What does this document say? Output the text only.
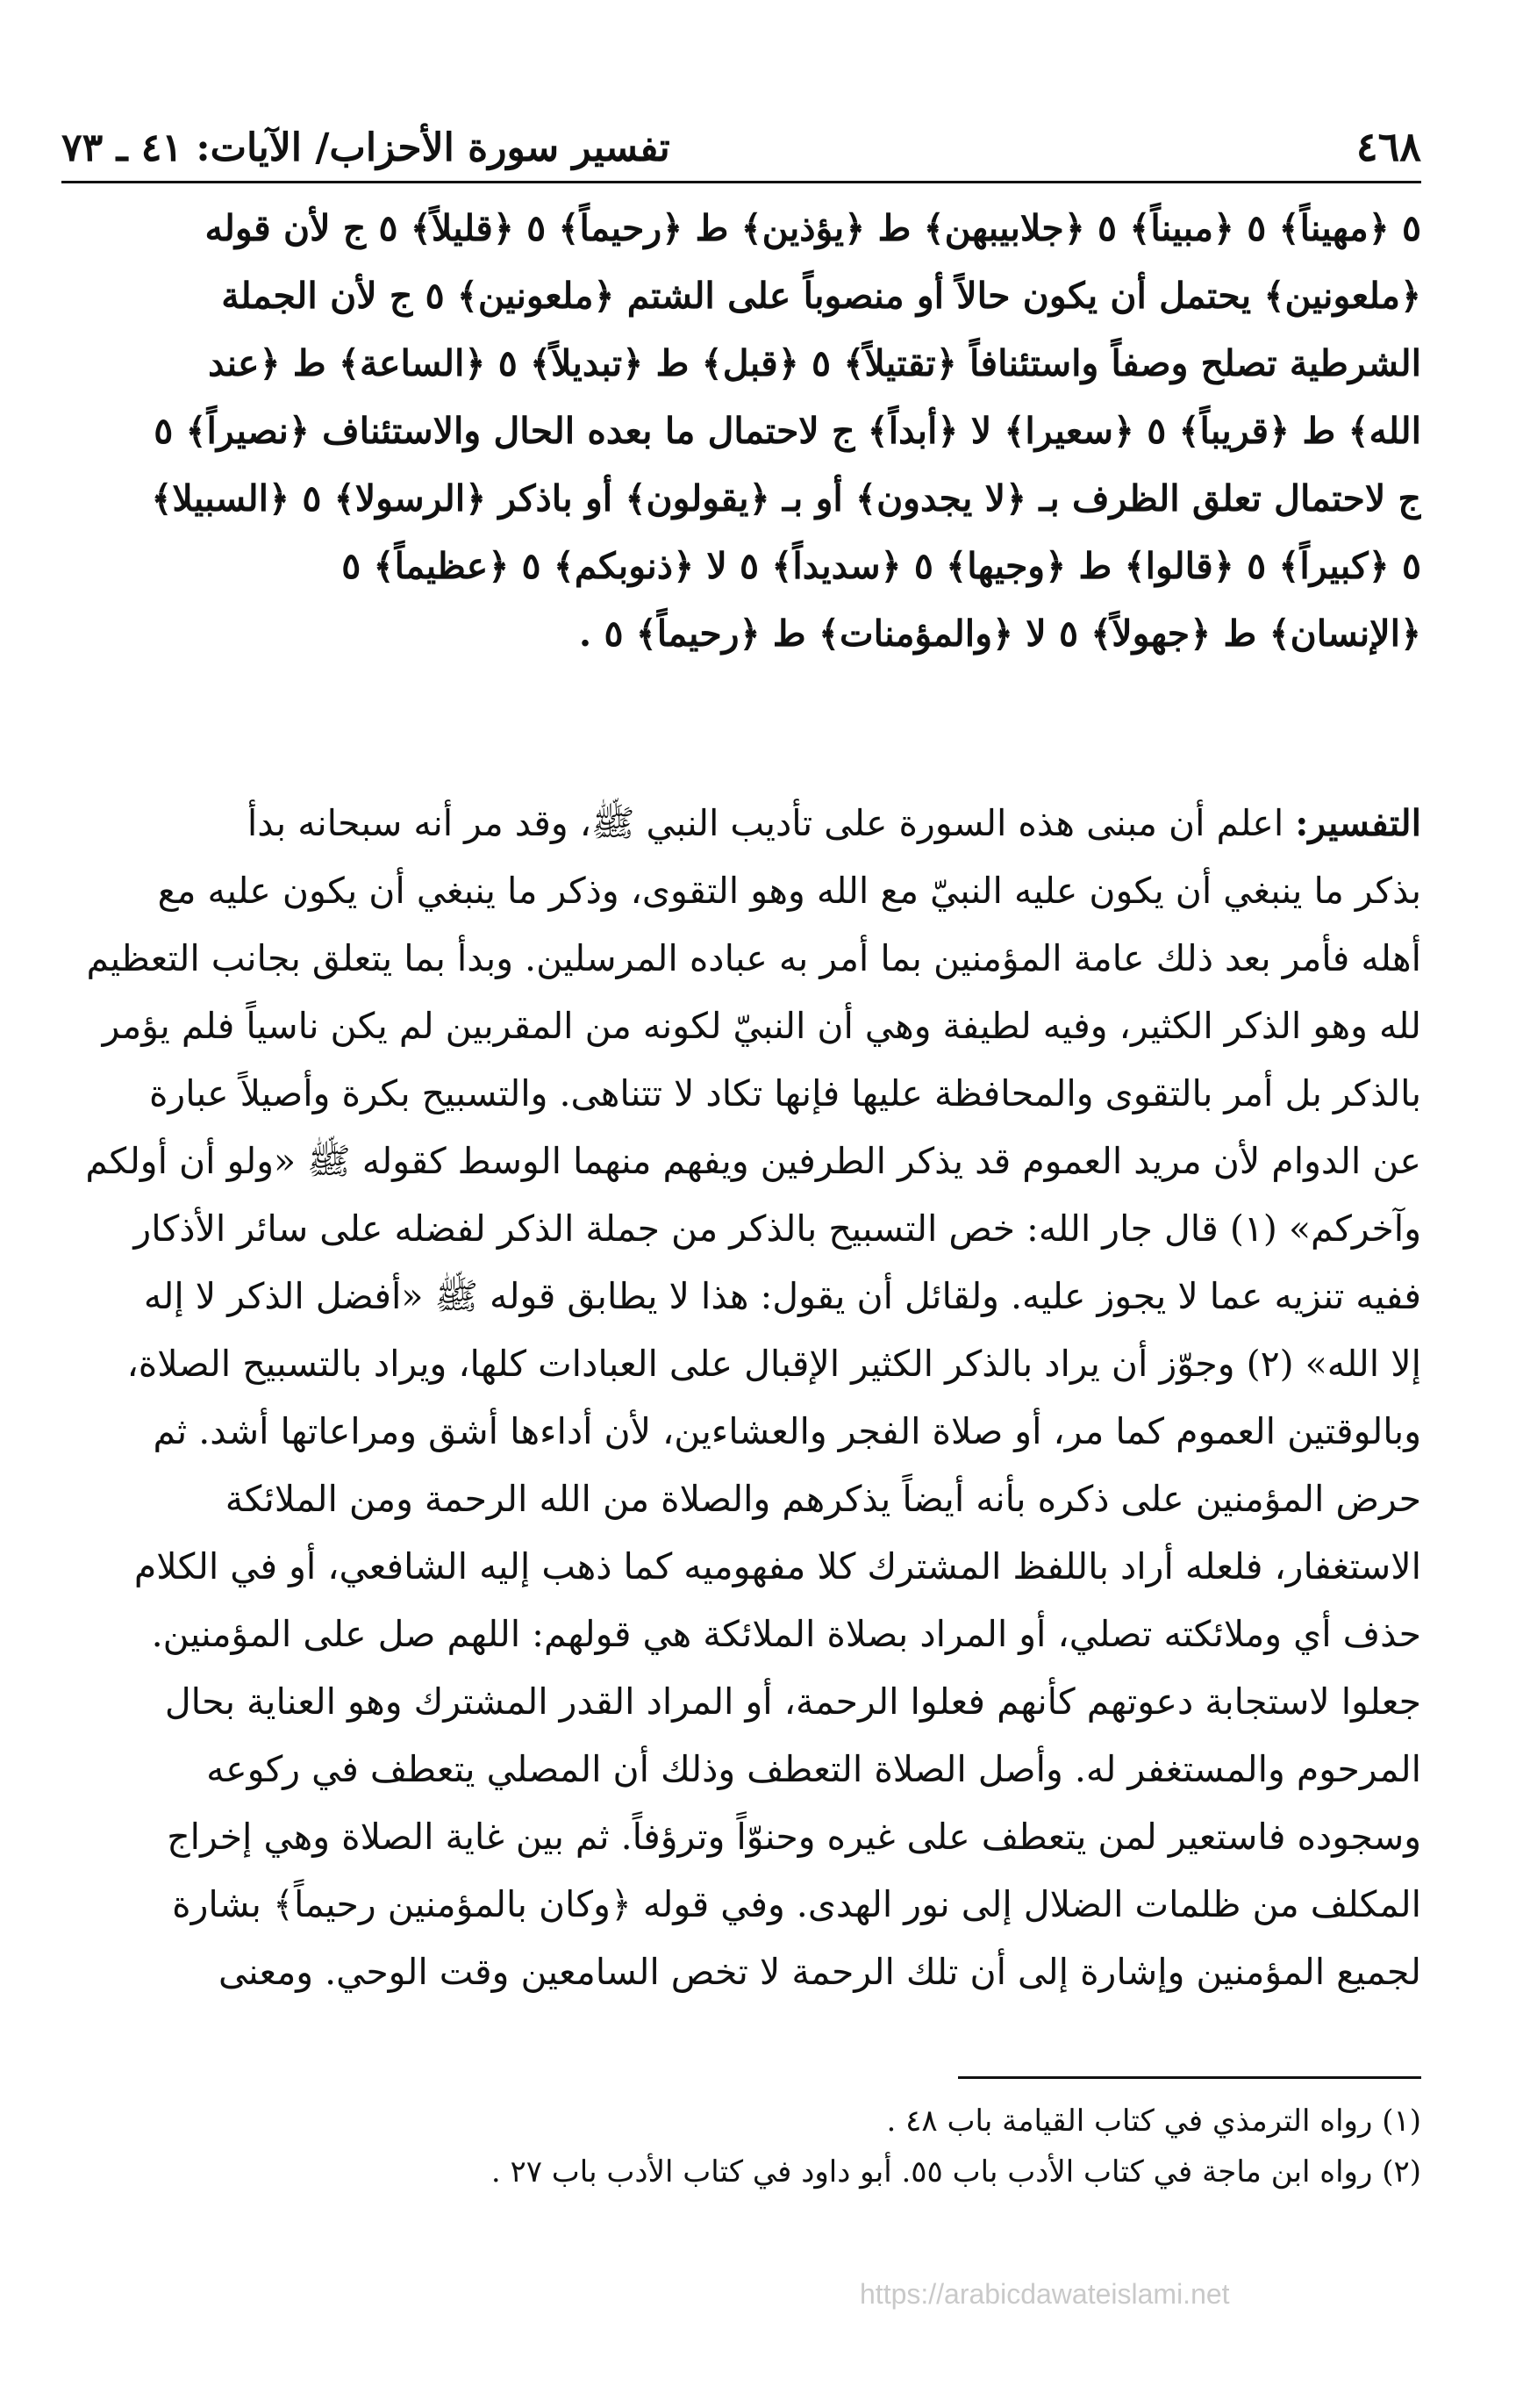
٤٦٨
تفسير سورة الأحزاب/ الآيات: ٤١ ـ ٧٣
٥ ﴿مهيناً﴾ ٥ ﴿مبيناً﴾ ٥ ﴿جلابيبهن﴾ ط ﴿يؤذين﴾ ط ﴿رحيماً﴾ ٥ ﴿قليلاً﴾ ٥ ج لأن قوله
﴿ملعونين﴾ يحتمل أن يكون حالاً أو منصوباً على الشتم ﴿ملعونين﴾ ٥ ج لأن الجملة
الشرطية تصلح وصفاً واستئنافاً ﴿تقتيلاً﴾ ٥ ﴿قبل﴾ ط ﴿تبديلاً﴾ ٥ ﴿الساعة﴾ ط ﴿عند
الله﴾ ط ﴿قريباً﴾ ٥ ﴿سعيرا﴾ لا ﴿أبداً﴾ ج لاحتمال ما بعده الحال والاستئناف ﴿نصيراً﴾ ٥
ج لاحتمال تعلق الظرف بـ ﴿لا يجدون﴾ أو بـ ﴿يقولون﴾ أو باذكر ﴿الرسولا﴾ ٥ ﴿السبيلا﴾
٥ ﴿كبيراً﴾ ٥ ﴿قالوا﴾ ط ﴿وجيها﴾ ٥ ﴿سديداً﴾ ٥ لا ﴿ذنوبكم﴾ ٥ ﴿عظيماً﴾ ٥
﴿الإنسان﴾ ط ﴿جهولاً﴾ ٥ لا ﴿والمؤمنات﴾ ط ﴿رحيماً﴾ ٥ .
التفسير: اعلم أن مبنى هذه السورة على تأديب النبي ﷺ، وقد مر أنه سبحانه بدأ
بذكر ما ينبغي أن يكون عليه النبيّ مع الله وهو التقوى، وذكر ما ينبغي أن يكون عليه مع
أهله فأمر بعد ذلك عامة المؤمنين بما أمر به عباده المرسلين. وبدأ بما يتعلق بجانب التعظيم
لله وهو الذكر الكثير، وفيه لطيفة وهي أن النبيّ لكونه من المقربين لم يكن ناسياً فلم يؤمر
بالذكر بل أمر بالتقوى والمحافظة عليها فإنها تكاد لا تتناهى. والتسبيح بكرة وأصيلاً عبارة
عن الدوام لأن مريد العموم قد يذكر الطرفين ويفهم منهما الوسط كقوله ﷺ «ولو أن أولكم
وآخركم» (١) قال جار الله: خص التسبيح بالذكر من جملة الذكر لفضله على سائر الأذكار
ففيه تنزيه عما لا يجوز عليه. ولقائل أن يقول: هذا لا يطابق قوله ﷺ «أفضل الذكر لا إله
إلا الله» (٢) وجوّز أن يراد بالذكر الكثير الإقبال على العبادات كلها، ويراد بالتسبيح الصلاة،
وبالوقتين العموم كما مر، أو صلاة الفجر والعشاءين، لأن أداءها أشق ومراعاتها أشد. ثم
حرض المؤمنين على ذكره بأنه أيضاً يذكرهم والصلاة من الله الرحمة ومن الملائكة
الاستغفار، فلعله أراد باللفظ المشترك كلا مفهوميه كما ذهب إليه الشافعي، أو في الكلام
حذف أي وملائكته تصلي، أو المراد بصلاة الملائكة هي قولهم: اللهم صل على المؤمنين.
جعلوا لاستجابة دعوتهم كأنهم فعلوا الرحمة، أو المراد القدر المشترك وهو العناية بحال
المرحوم والمستغفر له. وأصل الصلاة التعطف وذلك أن المصلي يتعطف في ركوعه
وسجوده فاستعير لمن يتعطف على غيره وحنوّاً وترؤفاً. ثم بين غاية الصلاة وهي إخراج
المكلف من ظلمات الضلال إلى نور الهدى. وفي قوله ﴿وكان بالمؤمنين رحيماً﴾ بشارة
لجميع المؤمنين وإشارة إلى أن تلك الرحمة لا تخص السامعين وقت الوحي. ومعنى
(١) رواه الترمذي في كتاب القيامة باب ٤٨ .
(٢) رواه ابن ماجة في كتاب الأدب باب ٥٥. أبو داود في كتاب الأدب باب ٢٧ .
https://arabicdawateislami.net
